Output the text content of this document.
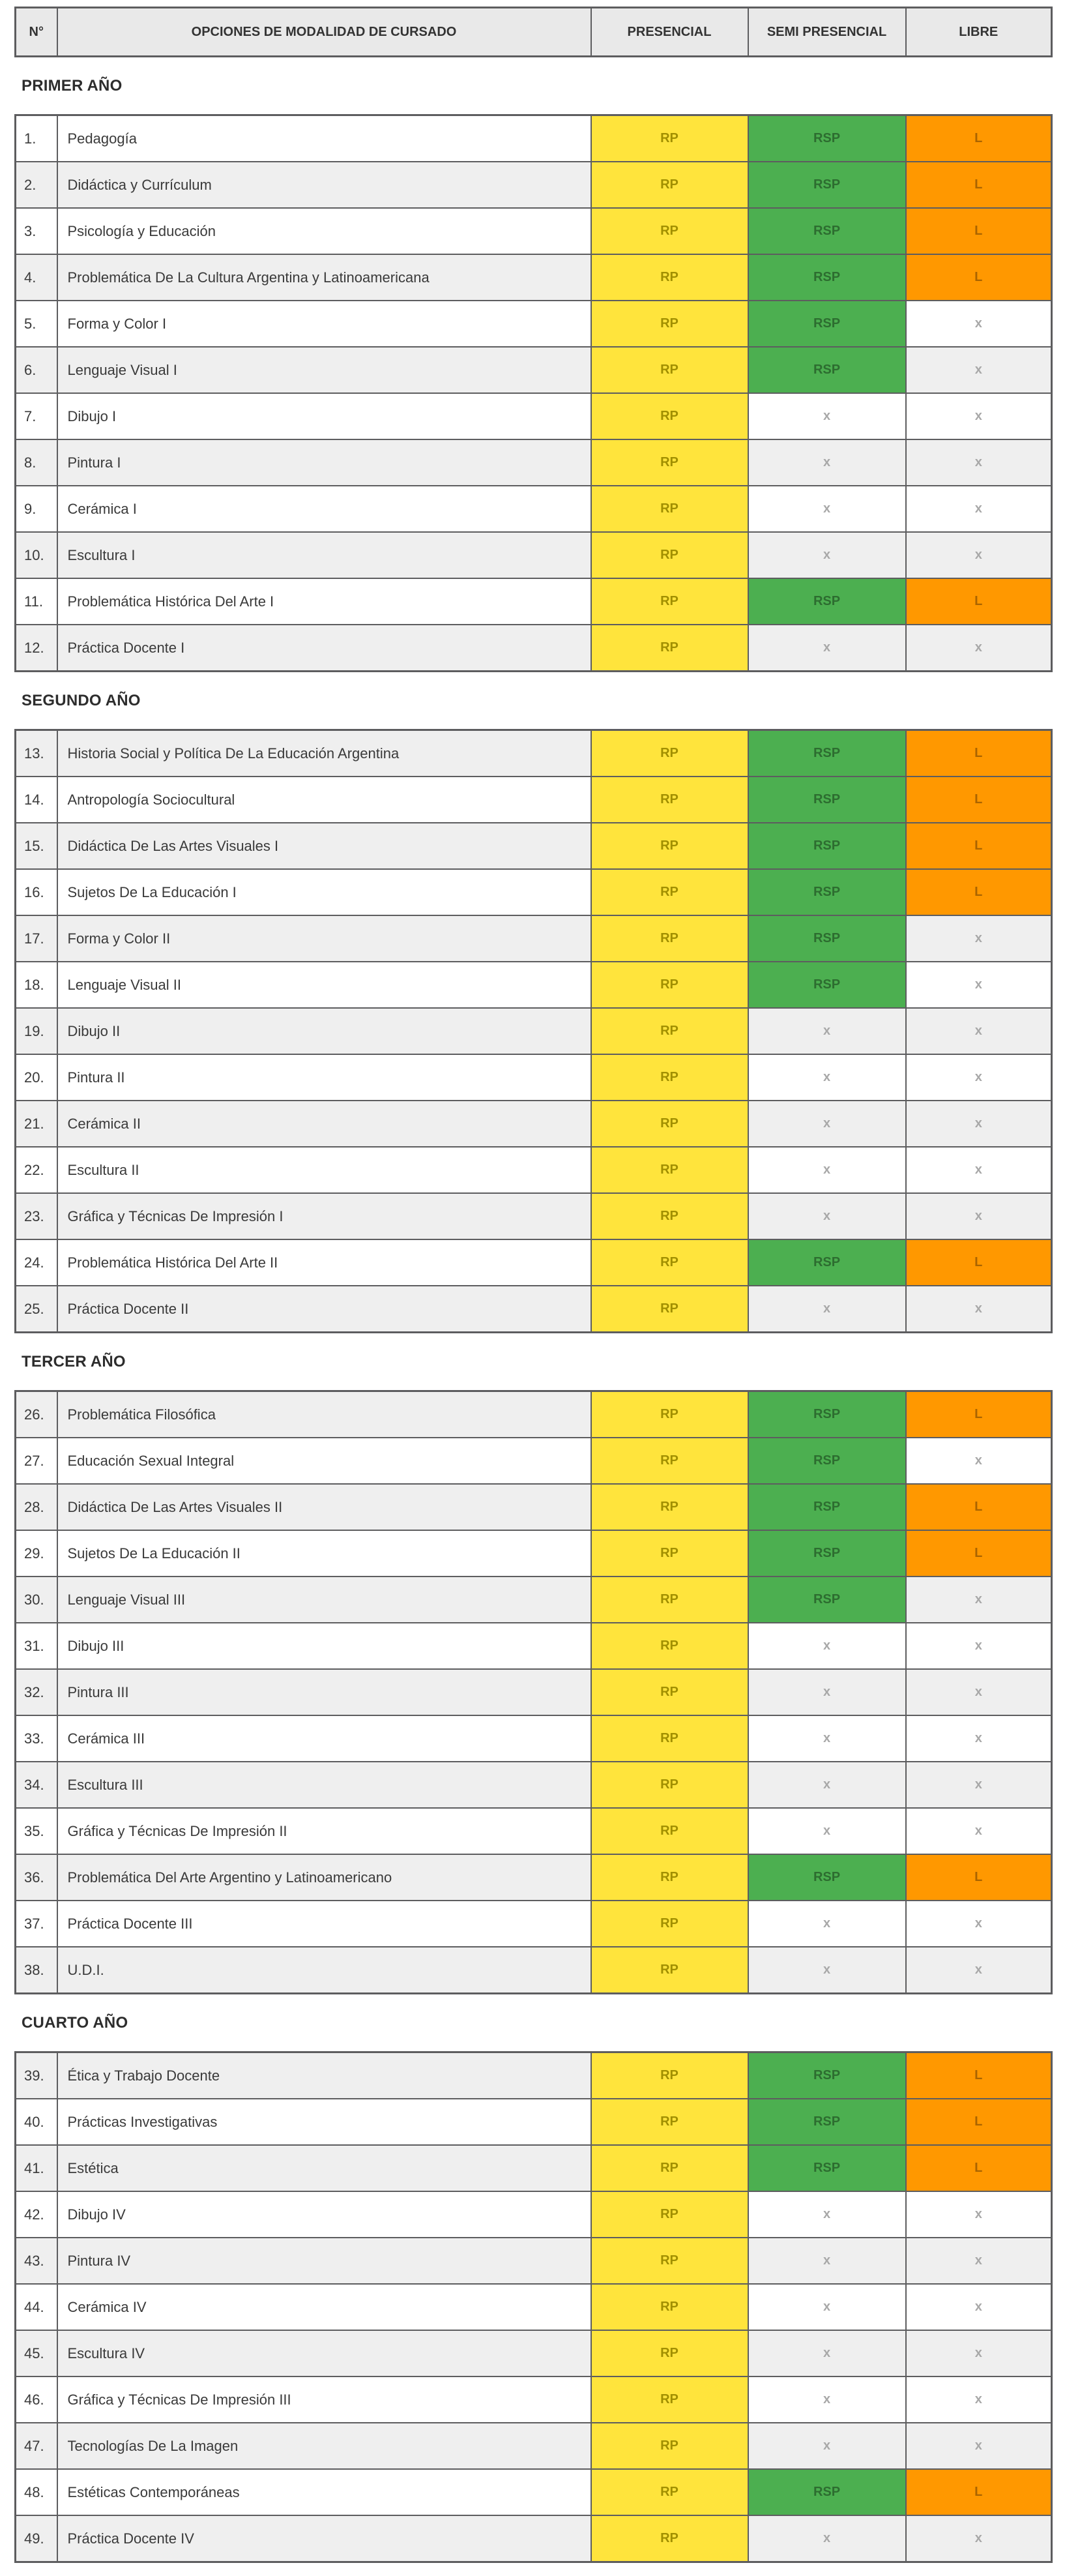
N°	OPCIONES DE MODALIDAD DE CURSADO	PRESENCIAL	SEMI PRESENCIAL	LIBRE
PRIMER AÑO
1.	Pedagogía	RP	RSP	L
2.	Didáctica y Currículum	RP	RSP	L
3.	Psicología y Educación	RP	RSP	L
4.	Problemática De La Cultura Argentina y Latinoamericana	RP	RSP	L
5.	Forma y Color I	RP	RSP	x
6.	Lenguaje Visual I	RP	RSP	x
7.	Dibujo I	RP	x	x
8.	Pintura I	RP	x	x
9.	Cerámica I	RP	x	x
10.	Escultura I	RP	x	x
11.	Problemática Histórica Del Arte I	RP	RSP	L
12.	Práctica Docente I	RP	x	x
SEGUNDO AÑO
13.	Historia Social y Política De La Educación Argentina	RP	RSP	L
14.	Antropología Sociocultural	RP	RSP	L
15.	Didáctica De Las Artes Visuales I	RP	RSP	L
16.	Sujetos De La Educación I	RP	RSP	L
17.	Forma y Color II	RP	RSP	x
18.	Lenguaje Visual II	RP	RSP	x
19.	Dibujo II	RP	x	x
20.	Pintura II	RP	x	x
21.	Cerámica II	RP	x	x
22.	Escultura II	RP	x	x
23.	Gráfica y Técnicas De Impresión I	RP	x	x
24.	Problemática Histórica Del Arte II	RP	RSP	L
25.	Práctica Docente II	RP	x	x
TERCER AÑO
26.	Problemática Filosófica	RP	RSP	L
27.	Educación Sexual Integral	RP	RSP	x
28.	Didáctica De Las Artes Visuales II	RP	RSP	L
29.	Sujetos De La Educación II	RP	RSP	L
30.	Lenguaje Visual III	RP	RSP	x
31.	Dibujo III	RP	x	x
32.	Pintura III	RP	x	x
33.	Cerámica III	RP	x	x
34.	Escultura III	RP	x	x
35.	Gráfica y Técnicas De Impresión II	RP	x	x
36.	Problemática Del Arte Argentino y Latinoamericano	RP	RSP	L
37.	Práctica Docente III	RP	x	x
38.	U.D.I.	RP	x	x
CUARTO AÑO
39.	Ética y Trabajo Docente	RP	RSP	L
40.	Prácticas Investigativas	RP	RSP	L
41.	Estética	RP	RSP	L
42.	Dibujo IV	RP	x	x
43.	Pintura IV	RP	x	x
44.	Cerámica IV	RP	x	x
45.	Escultura IV	RP	x	x
46.	Gráfica y Técnicas De Impresión III	RP	x	x
47.	Tecnologías De La Imagen	RP	x	x
48.	Estéticas Contemporáneas	RP	RSP	L
49.	Práctica Docente IV	RP	x	x
